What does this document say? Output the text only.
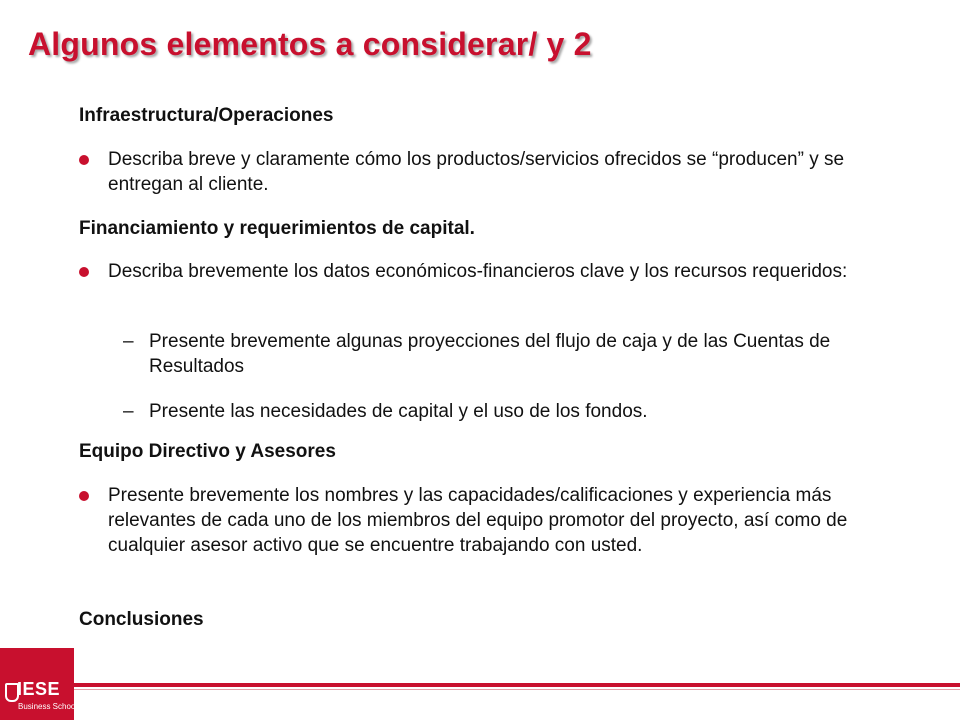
Algunos elementos a considerar/ y 2
Infraestructura/Operaciones
Describa breve y claramente cómo los productos/servicios ofrecidos se “producen” y se entregan al cliente.
Financiamiento y requerimientos de capital.
Describa brevemente los datos económicos-financieros clave y los recursos requeridos:
– Presente brevemente algunas proyecciones del flujo de caja y de las Cuentas de Resultados
– Presente las necesidades de capital y el uso de los fondos.
Equipo Directivo y Asesores
Presente brevemente los nombres y las capacidades/calificaciones y experiencia más relevantes de cada uno de los miembros del equipo promotor del proyecto, así como de cualquier asesor activo que se encuentre trabajando con usted.
Conclusiones
IESE
Business School
